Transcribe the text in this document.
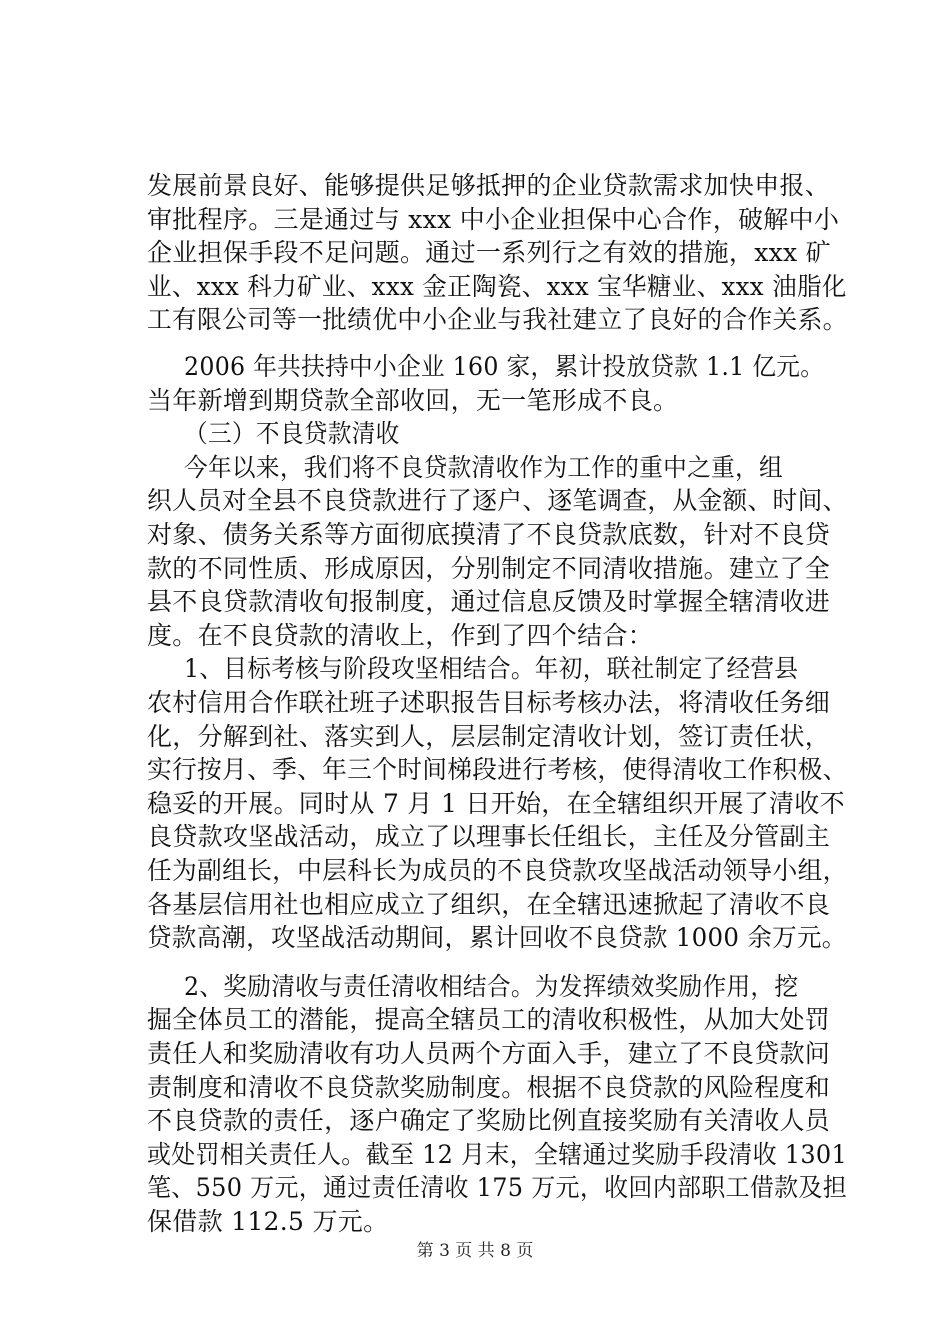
发展前景良好、能够提供足够抵押的企业贷款需求加快申报、
审批程序。三是通过与 xxx 中小企业担保中心合作，破解中小
企业担保手段不足问题。通过一系列行之有效的措施，xxx 矿
业、xxx 科力矿业、xxx 金正陶瓷、xxx 宝华糖业、xxx 油脂化
工有限公司等一批绩优中小企业与我社建立了良好的合作关系。
2006 年共扶持中小企业 160 家，累计投放贷款 1.1 亿元。
当年新增到期贷款全部收回，无一笔形成不良。
（三）不良贷款清收
今年以来，我们将不良贷款清收作为工作的重中之重，组
织人员对全县不良贷款进行了逐户、逐笔调查，从金额、时间、
对象、债务关系等方面彻底摸清了不良贷款底数，针对不良贷
款的不同性质、形成原因，分别制定不同清收措施。建立了全
县不良贷款清收旬报制度，通过信息反馈及时掌握全辖清收进
度。在不良贷款的清收上，作到了四个结合：
1、目标考核与阶段攻坚相结合。年初，联社制定了经营县
农村信用合作联社班子述职报告目标考核办法，将清收任务细
化，分解到社、落实到人，层层制定清收计划，签订责任状，
实行按月、季、年三个时间梯段进行考核，使得清收工作积极、
稳妥的开展。同时从 7 月 1 日开始，在全辖组织开展了清收不
良贷款攻坚战活动，成立了以理事长任组长，主任及分管副主
任为副组长，中层科长为成员的不良贷款攻坚战活动领导小组，
各基层信用社也相应成立了组织，在全辖迅速掀起了清收不良
贷款高潮，攻坚战活动期间，累计回收不良贷款 1000 余万元。
2、奖励清收与责任清收相结合。为发挥绩效奖励作用，挖
掘全体员工的潜能，提高全辖员工的清收积极性，从加大处罚
责任人和奖励清收有功人员两个方面入手，建立了不良贷款问
责制度和清收不良贷款奖励制度。根据不良贷款的风险程度和
不良贷款的责任，逐户确定了奖励比例直接奖励有关清收人员
或处罚相关责任人。截至 12 月末，全辖通过奖励手段清收 1301
笔、550 万元，通过责任清收 175 万元，收回内部职工借款及担
保借款 112.5 万元。
第 3 页 共 8 页
